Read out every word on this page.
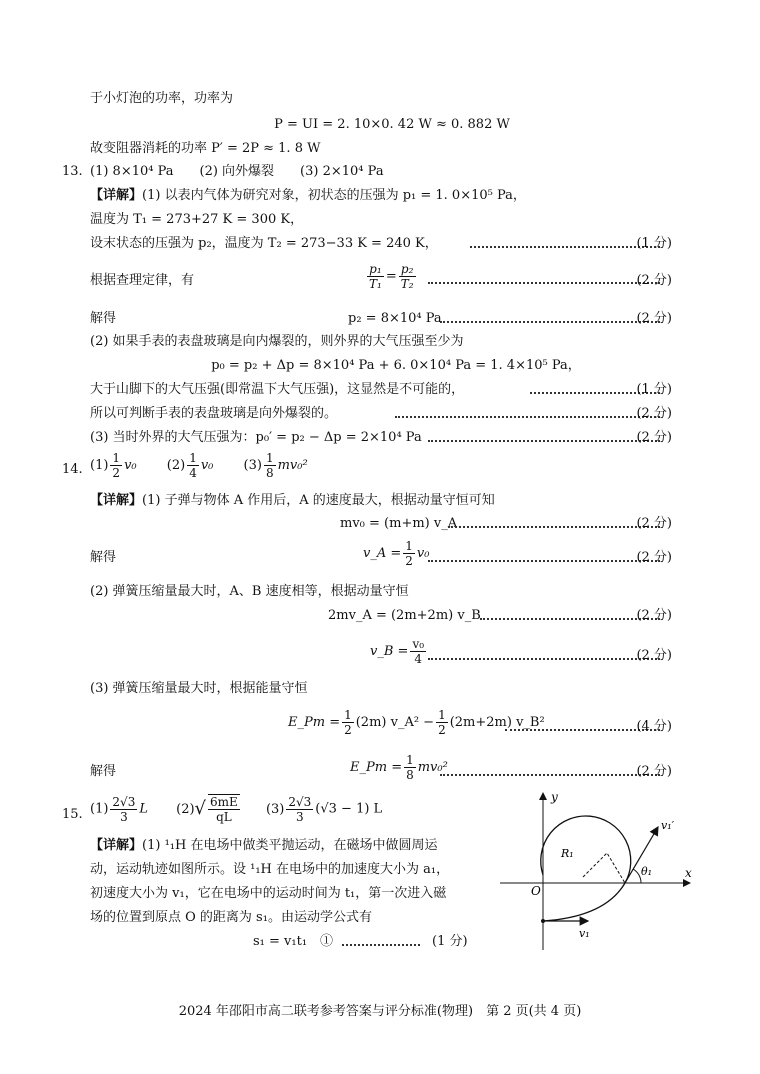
于小灯泡的功率，功率为
P = UI = 2. 10×0. 42 W ≈ 0. 882 W
故变阻器消耗的功率 P′ = 2P ≈ 1. 8 W
13. (1) 8×10⁴ Pa　　(2) 向外爆裂　　(3) 2×10⁴ Pa
【详解】(1) 以表内气体为研究对象，初状态的压强为 p₁ = 1. 0×10⁵ Pa，
温度为 T₁ = 273+27 K = 300 K，
设末状态的压强为 p₂，温度为 T₂ = 273−33 K = 240 K，	(1 分)
根据查理定律，有	$\frac{\text{p₁}}{\text{T₁}} = \frac{\text{p₂}}{\text{T₂}}$	(2 分)
解得	p₂ = 8×10⁴ Pa	(2 分)
(2) 如果手表的表盘玻璃是向内爆裂的，则外界的大气压强至少为
p₀ = p₂ + Δp = 8×10⁴ Pa + 6. 0×10⁴ Pa = 1. 4×10⁵ Pa，
大于山脚下的大气压强(即常温下大气压强)，这显然是不可能的，	(1 分)
所以可判断手表的表盘玻璃是向外爆裂的。	(2 分)
(3) 当时外界的大气压强为：p₀′ = p₂ − Δp = 2×10⁴ Pa	(2 分)
14. $(1) \frac{1}{2} v_0$ $(2) \frac{1}{4} v_0$ $(3) \frac{1}{8} mv_0^2$
【详解】(1) 子弹与物体 A 作用后，A 的速度最大，根据动量守恒可知
mv₀ = (m+m) v_A	(2 分)
解得	v_A = $\frac{1}{2} v_0$	(2 分)
(2) 弹簧压缩量最大时，A、B 速度相等，根据动量守恒
2mv_A = (2m+2m) v_B	(2 分)
v_B = $\frac{\text{v₀}}{4}$	(2 分)
(3) 弹簧压缩量最大时，根据能量守恒
E_Pm = $\frac{1}{2} (2m)$ v_A² − $\frac{1}{2} (2m+2m)$ v_B²	(4 分)
解得	E_Pm = $\frac{1}{8} mv_0^2$	(2 分)
15. $(1) \frac{2√3}{3}$ L $(2)√ \frac{6mE}{qL} (3) \frac{2√3}{3} (√3 - 1)$ L
【详解】(1) ¹₁H 在电场中做类平抛运动，在磁场中做圆周运
动，运动轨迹如图所示。设 ¹₁H 在电场中的加速度大小为 a₁，
初速度大小为 v₁，它在电场中的运动时间为 t₁，第一次进入磁
场的位置到原点 O 的距离为 s₁。由运动学公式有
s₁ = v₁t₁　①	(1 分)
y
x
O
R₁
θ₁
v₁′
v₁
2024 年邵阳市高二联考参考答案与评分标准(物理)　第 2 页(共 4 页)
